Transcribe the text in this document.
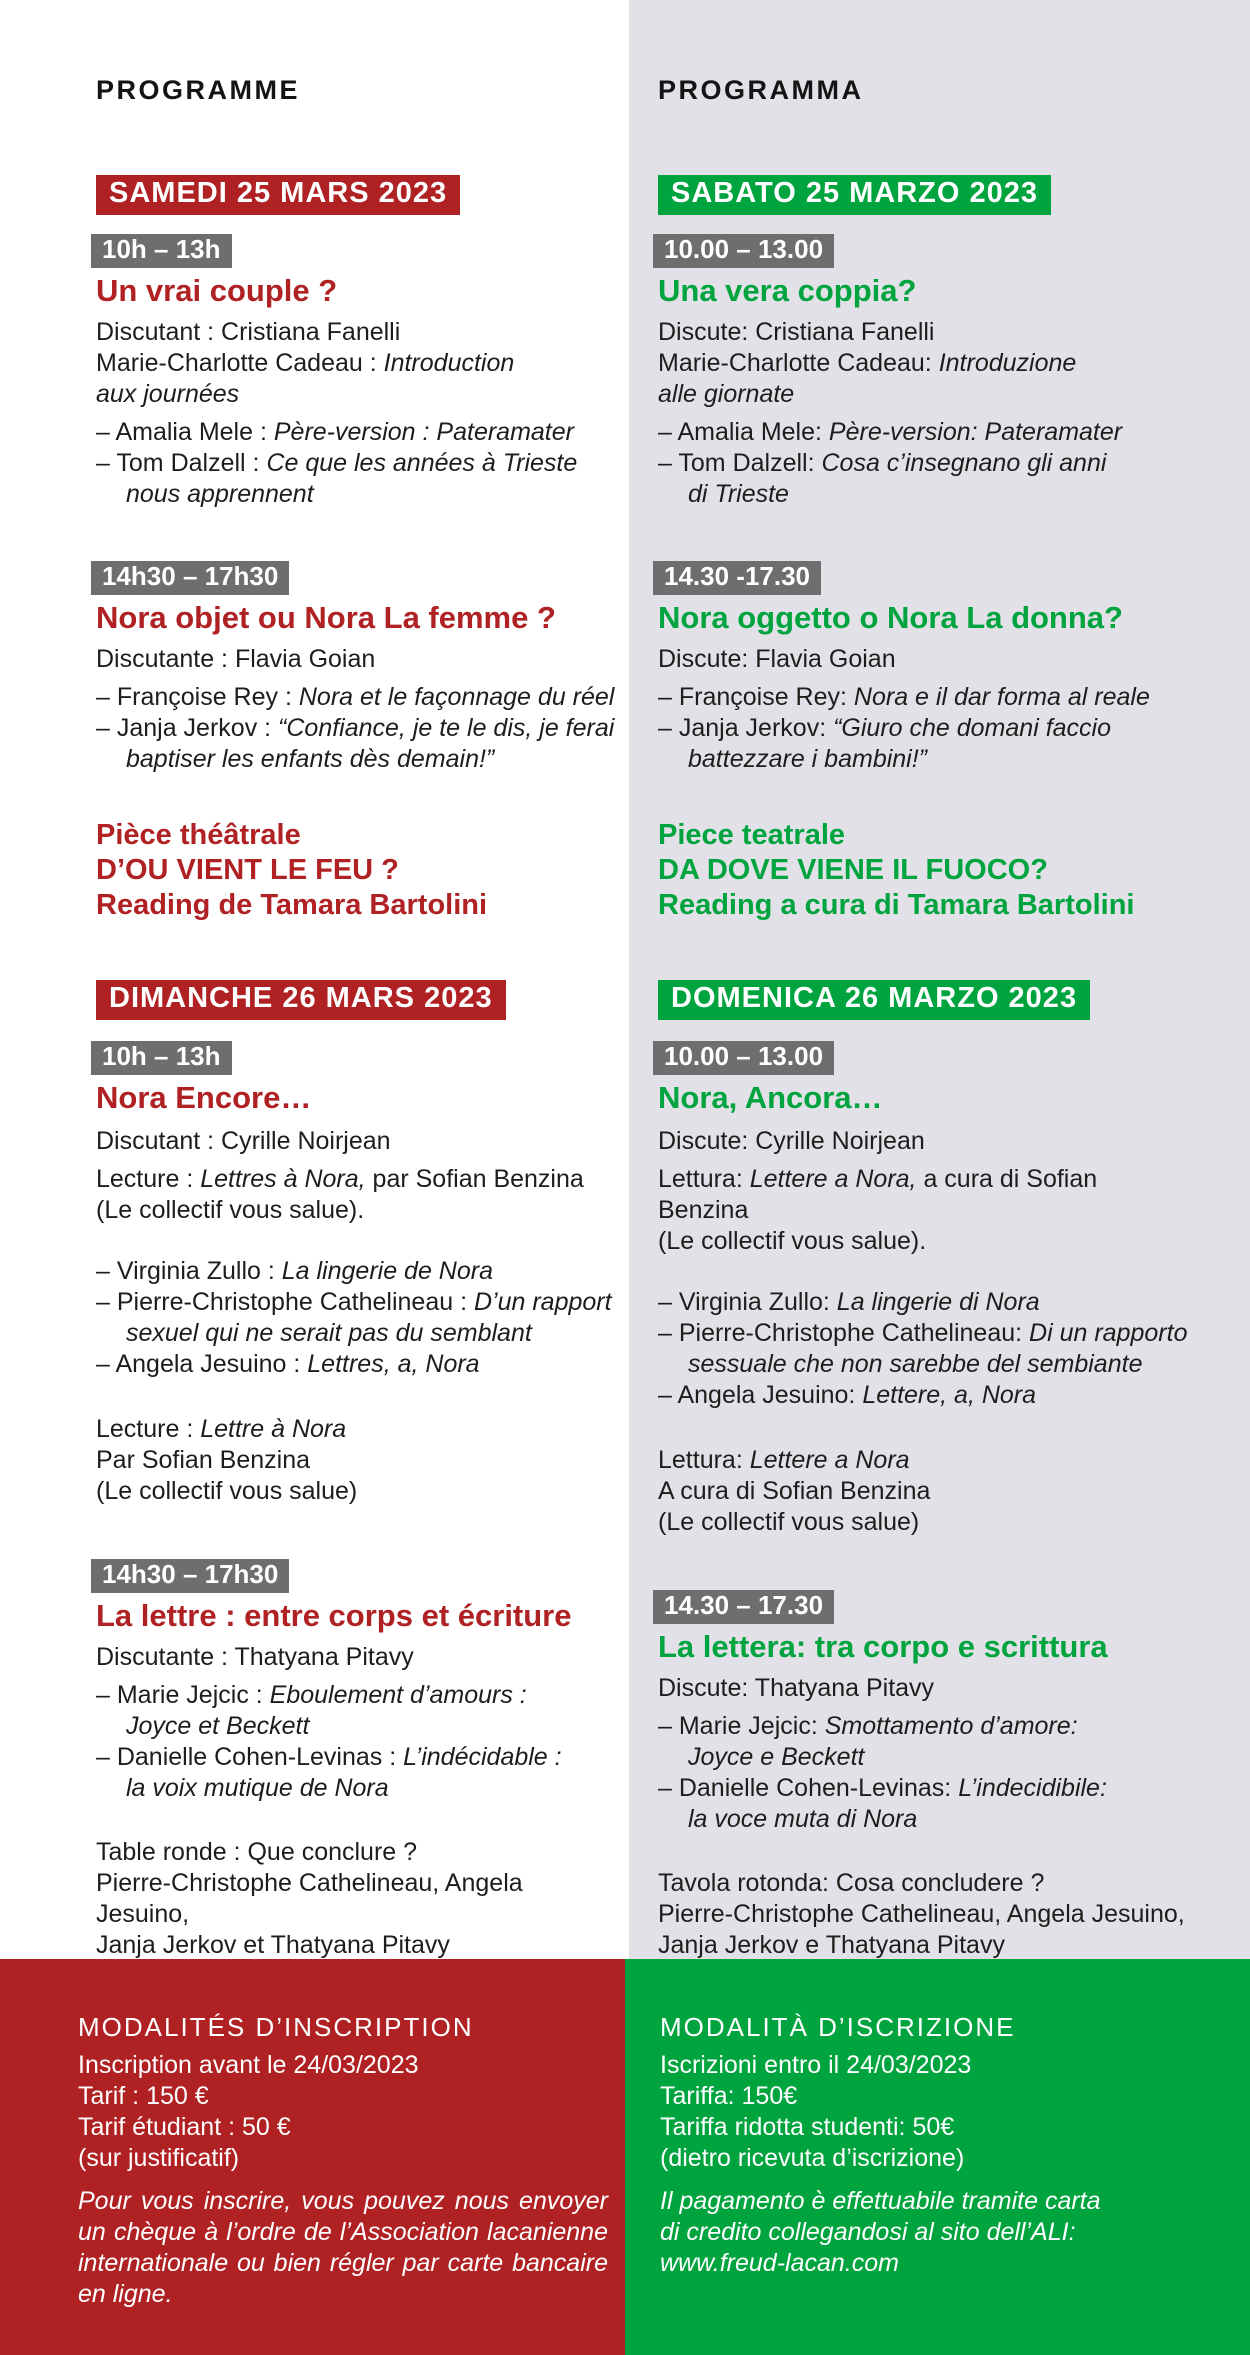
PROGRAMME
SAMEDI 25 MARS 2023
10h – 13h
Un vrai couple ?

Discutant : Cristiana Fanelli

Marie-Charlotte Cadeau : Introduction
aux journées

– Amalia Mele : Père-version : Pateramater

– Tom Dalzell : Ce que les années à Trieste
nous apprennent

14h30 – 17h30
Nora objet ou Nora La femme ?

Discutante : Flavia Goian

– Françoise Rey : Nora et le façonnage du réel

– Janja Jerkov : “Confiance, je te le dis, je ferai
baptiser les enfants dès demain!”

Pièce théâtrale

D’OU VIENT LE FEU ?

Reading de Tamara Bartolini

DIMANCHE 26 MARS 2023
10h – 13h
Nora Encore…

Discutant : Cyrille Noirjean

Lecture : Lettres à Nora, par Sofian Benzina
(Le collectif vous salue).

– Virginia Zullo : La lingerie de Nora

– Pierre-Christophe Cathelineau : D’un rapport
sexuel qui ne serait pas du semblant

– Angela Jesuino : Lettres, a, Nora

Lecture : Lettre à Nora
Par Sofian Benzina
(Le collectif vous salue)

14h30 – 17h30
La lettre : entre corps et écriture

Discutante : Thatyana Pitavy

– Marie Jejcic : Eboulement d’amours :
Joyce et Beckett

– Danielle Cohen-Levinas : L’indécidable :
la voix mutique de Nora

Table ronde : Que conclure ?
Pierre-Christophe Cathelineau, Angela Jesuino,
Janja Jerkov et Thatyana Pitavy

PROGRAMMA
SABATO 25 MARZO 2023
10.00 – 13.00
Una vera coppia?

Discute: Cristiana Fanelli

Marie-Charlotte Cadeau: Introduzione
alle giornate

– Amalia Mele: Père-version: Pateramater

– Tom Dalzell: Cosa c’insegnano gli anni
di Trieste

14.30 -17.30
Nora oggetto o Nora La donna?

Discute: Flavia Goian

– Françoise Rey: Nora e il dar forma al reale

– Janja Jerkov: “Giuro che domani faccio
battezzare i bambini!”

Piece teatrale

DA DOVE VIENE IL FUOCO?

Reading a cura di Tamara Bartolini

DOMENICA 26 MARZO 2023
10.00 – 13.00
Nora, Ancora…

Discute: Cyrille Noirjean

Lettura: Lettere a Nora, a cura di Sofian Benzina
(Le collectif vous salue).

– Virginia Zullo: La lingerie di Nora

– Pierre-Christophe Cathelineau: Di un rapporto
sessuale che non sarebbe del sembiante

– Angela Jesuino: Lettere, a, Nora

Lettura: Lettere a Nora
A cura di Sofian Benzina
(Le collectif vous salue)

14.30 – 17.30
La lettera: tra corpo e scrittura

Discute: Thatyana Pitavy

– Marie Jejcic: Smottamento d’amore:
Joyce e Beckett

– Danielle Cohen-Levinas: L’indecidibile:
la voce muta di Nora

Tavola rotonda: Cosa concludere ?
Pierre-Christophe Cathelineau, Angela Jesuino,
Janja Jerkov e Thatyana Pitavy

MODALITÉS D’INSCRIPTION

Inscription avant le 24/03/2023

Tarif : 150 €

Tarif étudiant : 50 €

(sur justificatif)

Pour vous inscrire, vous pouvez nous envoyer un chèque à l’ordre de l’Association lacanienne internationale ou bien régler par carte bancaire en ligne.

MODALITÀ D’ISCRIZIONE

Iscrizioni entro il 24/03/2023

Tariffa: 150€

Tariffa ridotta studenti: 50€

(dietro ricevuta d’iscrizione)

Il pagamento è effettuabile tramite carta
di credito collegandosi al sito dell’ALI:
www.freud-lacan.com
